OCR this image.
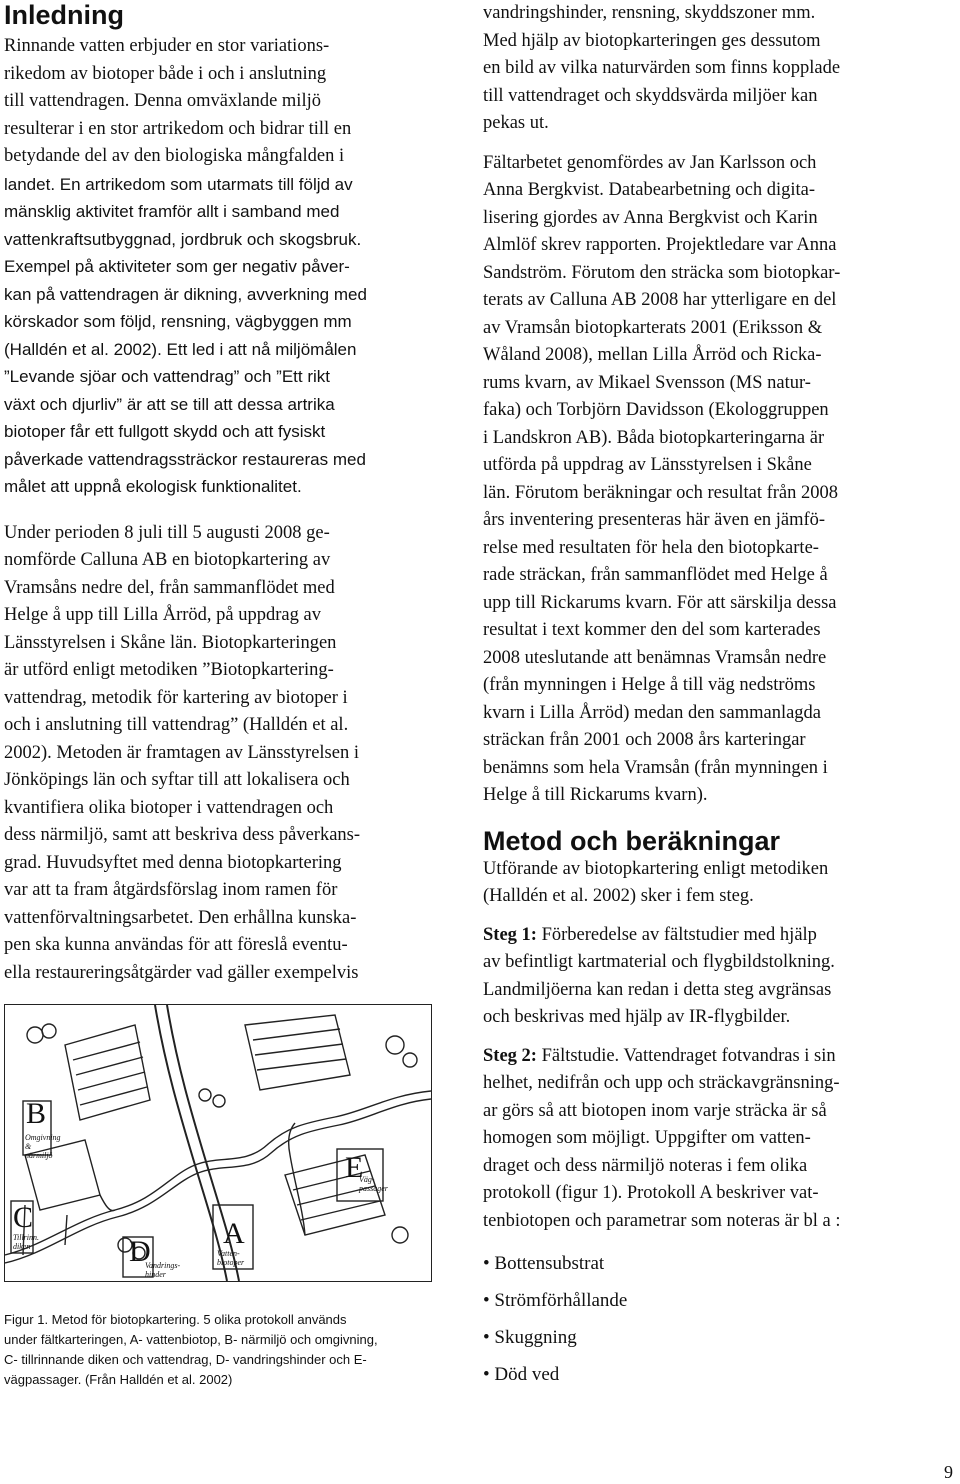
Inledning

Rinnande vatten erbjuder en stor variations-

rikedom av biotoper både i och i anslutning

till vattendragen. Denna omväxlande miljö

resulterar i en stor artrikedom och bidrar till en

betydande del av den biologiska mångfalden i

landet. En artrikedom som utarmats till följd av

mänsklig aktivitet framför allt i samband med

vattenkraftsutbyggnad, jordbruk och skogsbruk.

Exempel på aktiviteter som ger negativ påver-

kan på vattendragen är dikning, avverkning med

körskador som följd, rensning, vägbyggen mm

(Halldén et al. 2002). Ett led i att nå miljömålen

”Levande sjöar och vattendrag” och ”Ett rikt

växt och djurliv” är att se till att dessa artrika

biotoper får ett fullgott skydd och att fysiskt

påverkade vattendragssträckor restaureras med

målet att uppnå ekologisk funktionalitet.

Under perioden 8 juli till 5 augusti 2008 ge-

nomförde Calluna AB en biotopkartering av

Vramsåns nedre del, från sammanflödet med

Helge å upp till Lilla Årröd, på uppdrag av

Länsstyrelsen i Skåne län. Biotopkarteringen

är utförd enligt metodiken ”Biotopkartering-

vattendrag, metodik för kartering av biotoper i

och i anslutning till vattendrag” (Halldén et al.

2002). Metoden är framtagen av Länsstyrelsen i

Jönköpings län och syftar till att lokalisera och

kvantifiera olika biotoper i vattendragen och

dess närmiljö, samt att beskriva dess påverkans-

grad. Huvudsyftet med denna biotopkartering

var att ta fram åtgärdsförslag inom ramen för

vattenförvaltningsarbetet. Den erhållna kunska-

pen ska kunna användas för att föreslå eventu-

ella restaureringsåtgärder vad gäller exempelvis

B
Omgivning & närmiljö
A
Vatten-biotoper
E
Väg-passager
D
Vandrings-hinder
C
Tillrinn. diken

Figur 1. Metod för biotopkartering. 5 olika protokoll används

under fältkarteringen, A- vattenbiotop, B- närmiljö och omgivning,

C- tillrinnande diken och vattendrag, D- vandringshinder och E-

vägpassager. (Från Halldén et al. 2002)

vandringshinder, rensning, skyddszoner mm.

Med hjälp av biotopkarteringen ges dessutom

en bild av vilka naturvärden som finns kopplade

till vattendraget och skyddsvärda miljöer kan

pekas ut.

Fältarbetet genomfördes av Jan Karlsson och

Anna Bergkvist. Databearbetning och digita-

lisering gjordes av Anna Bergkvist och Karin

Almlöf skrev rapporten. Projektledare var Anna

Sandström. Förutom den sträcka som biotopkar-

terats av Calluna AB 2008 har ytterligare en del

av Vramsån biotopkarterats 2001 (Eriksson &

Wåland 2008), mellan Lilla Årröd och Ricka-

rums kvarn, av Mikael Svensson (MS natur-

faka) och Torbjörn Davidsson (Ekologgruppen

i Landskron AB). Båda biotopkarteringarna är

utförda på uppdrag av Länsstyrelsen i Skåne

län. Förutom beräkningar och resultat från 2008

års inventering presenteras här även en jämfö-

relse med resultaten för hela den biotopkarte-

rade sträckan, från sammanflödet med Helge å

upp till Rickarums kvarn. För att särskilja dessa

resultat i text kommer den del som karterades

2008 uteslutande att benämnas Vramsån nedre

(från mynningen i Helge å till väg nedströms

kvarn i Lilla Årröd) medan den sammanlagda

sträckan från 2001 och 2008 års karteringar

benämns som hela Vramsån (från mynningen i

Helge å till Rickarums kvarn).

Metod och beräkningar

Utförande av biotopkartering enligt metodiken

(Halldén et al. 2002) sker i fem steg.

Steg 1: Förberedelse av fältstudier med hjälp

av befintligt kartmaterial och flygbildstolkning.

Landmiljöerna kan redan i detta steg avgränsas

och beskrivas med hjälp av IR-flygbilder.

Steg 2: Fältstudie. Vattendraget fotvandras i sin

helhet, nedifrån och upp och sträckavgränsning-

ar görs så att biotopen inom varje sträcka är så

homogen som möjligt. Uppgifter om vatten-

draget och dess närmiljö noteras i fem olika

protokoll (figur 1). Protokoll A beskriver vat-

tenbiotopen och parametrar som noteras är bl a :

• Bottensubstrat

• Strömförhållande

• Skuggning

• Död ved

9
